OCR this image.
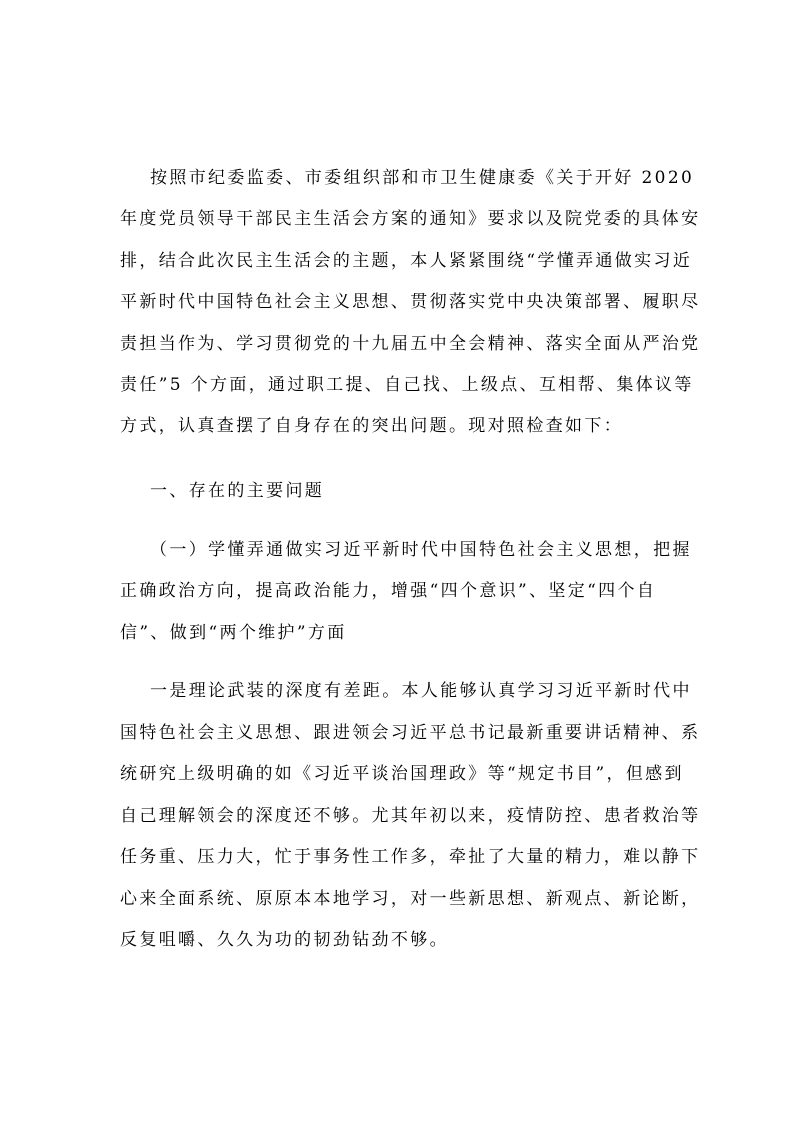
按照市纪委监委、市委组织部和市卫生健康委《关于开好 2020
年度党员领导干部民主生活会方案的通知》要求以及院党委的具体安
排，结合此次民主生活会的主题，本人紧紧围绕“学懂弄通做实习近
平新时代中国特色社会主义思想、贯彻落实党中央决策部署、履职尽
责担当作为、学习贯彻党的十九届五中全会精神、落实全面从严治党
责任”5 个方面，通过职工提、自己找、上级点、互相帮、集体议等
方式，认真查摆了自身存在的突出问题。现对照检查如下：
一、存在的主要问题
（一）学懂弄通做实习近平新时代中国特色社会主义思想，把握
正确政治方向，提高政治能力，增强“四个意识”、坚定“四个自
信”、做到“两个维护”方面
一是理论武装的深度有差距。本人能够认真学习习近平新时代中
国特色社会主义思想、跟进领会习近平总书记最新重要讲话精神、系
统研究上级明确的如《习近平谈治国理政》等“规定书目”，但感到
自己理解领会的深度还不够。尤其年初以来，疫情防控、患者救治等
任务重、压力大，忙于事务性工作多，牵扯了大量的精力，难以静下
心来全面系统、原原本本地学习，对一些新思想、新观点、新论断，
反复咀嚼、久久为功的韧劲钻劲不够。
